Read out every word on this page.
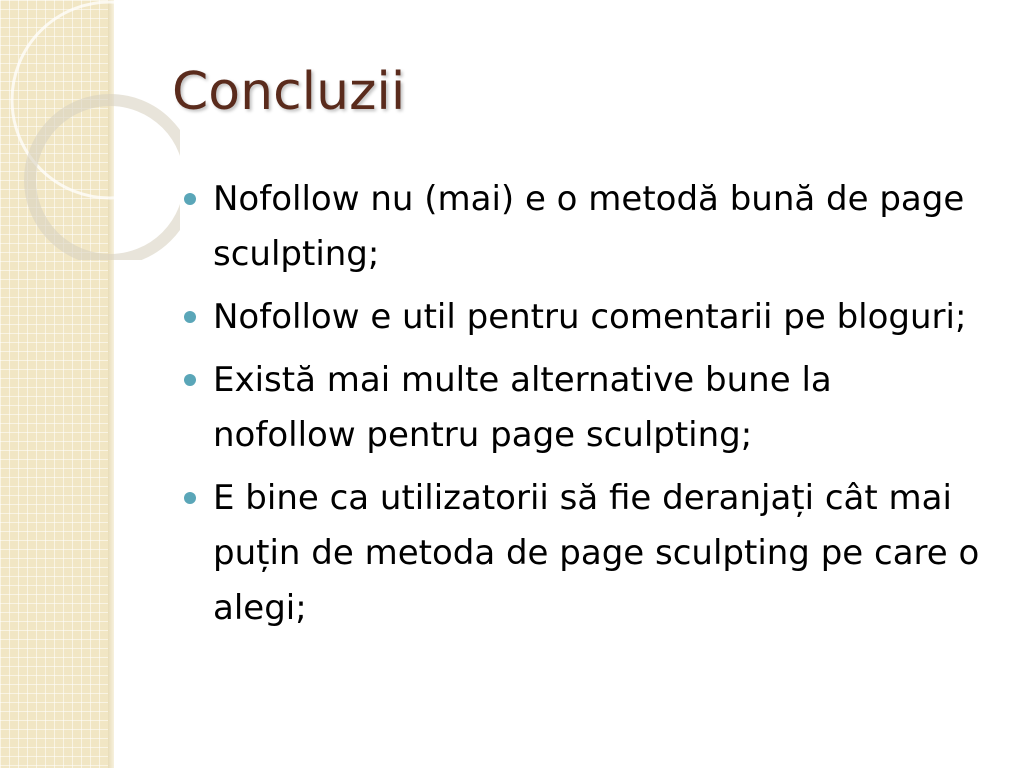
Concluzii
Nofollow nu (mai) e o metodă bună de page sculpting;
Nofollow e util pentru comentarii pe bloguri;
Există mai multe alternative bune la nofollow pentru page sculpting;
E bine ca utilizatorii să fie deranjați cât mai puțin de metoda de page sculpting pe care o alegi;
